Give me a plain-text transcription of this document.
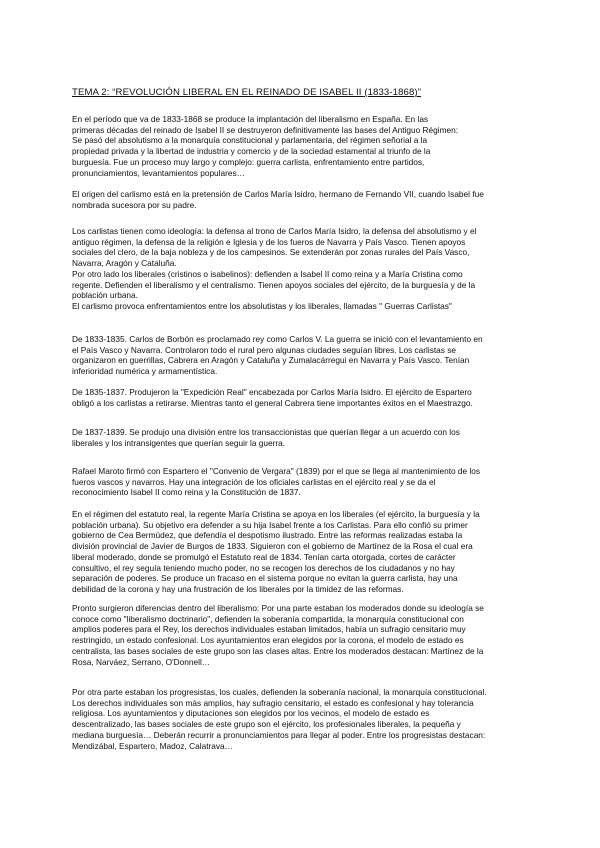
TEMA 2: “REVOLUCIÓN LIBERAL EN EL REINADO DE ISABEL II (1833-1868)”
En el período que va de 1833-1868 se produce la implantación del liberalismo en España. En las
primeras décadas del reinado de Isabel II se destruyeron definitivamente las bases del Antiguo Régimen:
Se pasó del absolutismo a la monarquía constitucional y parlamentaria, del régimen señorial a la
propiedad privada y la libertad de industria y comercio y de la sociedad estamental al triunfo de la
burguesía. Fue un proceso muy largo y complejo: guerra carlista, enfrentamiento entre partidos,
pronunciamientos, levantamientos populares…
El origen del carlismo está en la pretensión de Carlos María Isidro, hermano de Fernando VII, cuando Isabel fue
nombrada sucesora por su padre.
Los carlistas tienen como ideología: la defensa al trono de Carlos María Isidro, la defensa del absolutismo y el
antiguo régimen, la defensa de la religión e Iglesia y de los fueros de Navarra y País Vasco. Tienen apoyos
sociales del clero, de la baja nobleza y de los campesinos. Se extenderán por zonas rurales del País Vasco,
Navarra, Aragón y Cataluña.
Por otro lado los liberales (cristinos o isabelinos): defienden a Isabel II como reina y a María Cristina como
regente. Defienden el liberalismo y el centralismo. Tienen apoyos sociales del ejército, de la burguesía y de la
población urbana.
El carlismo provoca enfrentamientos entre los absolutistas y los liberales, llamadas " Guerras Carlistas"
De 1833-1835. Carlos de Borbón es proclamado rey como Carlos V. La guerra se inició con el levantamiento en
el País Vasco y Navarra. Controlaron todo el rural pero algunas ciudades seguían libres. Los carlistas se
organizaron en guerrillas, Cabrera en Aragón y Cataluña y Zumalacárregui en Navarra y País Vasco. Tenían
inferioridad numérica y armamentística.
De 1835-1837. Produjeron la "Expedición Real" encabezada por Carlos María Isidro. El ejército de Espartero
obligó a los carlistas a retirarse. Mientras tanto el general Cabrera tiene importantes éxitos en el Maestrazgo.
De 1837-1839. Se produjo una división entre los transaccionistas que querían llegar a un acuerdo con los
liberales y los intransigentes que querían seguir la guerra.
Rafael Maroto firmó con Espartero el "Convenio de Vergara" (1839) por el que se llega al mantenimiento de los
fueros vascos y navarros. Hay una integración de los oficiales carlistas en el ejército real y se da el
reconocimiento Isabel II como reina y la Constitución de 1837.
En el régimen del estatuto real, la regente María Cristina se apoya en los liberales (el ejército, la burguesía y la
población urbana). Su objetivo era defender a su hija Isabel frente a los Carlistas. Para ello confió su primer
gobierno de Cea Bermúdez, que defendía el despotismo ilustrado. Entre las reformas realizadas estaba la
división provincial de Javier de Burgos de 1833. Siguieron con el gobierno de Martínez de la Rosa el cual era
liberal moderado, donde se promulgó el Estatuto real de 1834. Tenían carta otorgada, cortes de carácter
consultivo, el rey seguía teniendo mucho poder, no se recogen los derechos de los ciudadanos y no hay
separación de poderes. Se produce un fracaso en el sistema porque no evitan la guerra carlista, hay una
debilidad de la corona y hay una frustración de los liberales por la timidez de las reformas.
Pronto surgieron diferencias dentro del liberalismo: Por una parte estaban los moderados donde su ideología se
conoce como "liberalismo doctrinario", defienden la soberanía compartida, la monarquía constitucional con
amplios poderes para el Rey, los derechos individuales estaban limitados, había un sufragio censitario muy
restringido, un estado confesional. Los ayuntamientos eran elegidos por la corona, el modelo de estado es
centralista, las bases sociales de este grupo son las clases altas. Entre los moderados destacan: Martínez de la
Rosa, Narváez, Serrano, O'Donnell…
Por otra parte estaban los progresistas, los cuales, defienden la soberanía nacional, la monarquía constitucional.
Los derechos individuales son más amplios, hay sufragio censitario, el estado es confesional y hay tolerancia
religiosa. Los ayuntamientos y diputaciones son elegidos por los vecinos, el modelo de estado es
descentralizado, las bases sociales de este grupo son el ejército, los profesionales liberales, la pequeña y
mediana burguesía… Deberán recurrir a pronunciamientos para llegar al poder. Entre los progresistas destacan:
Mendizábal, Espartero, Madoz, Calatrava…
